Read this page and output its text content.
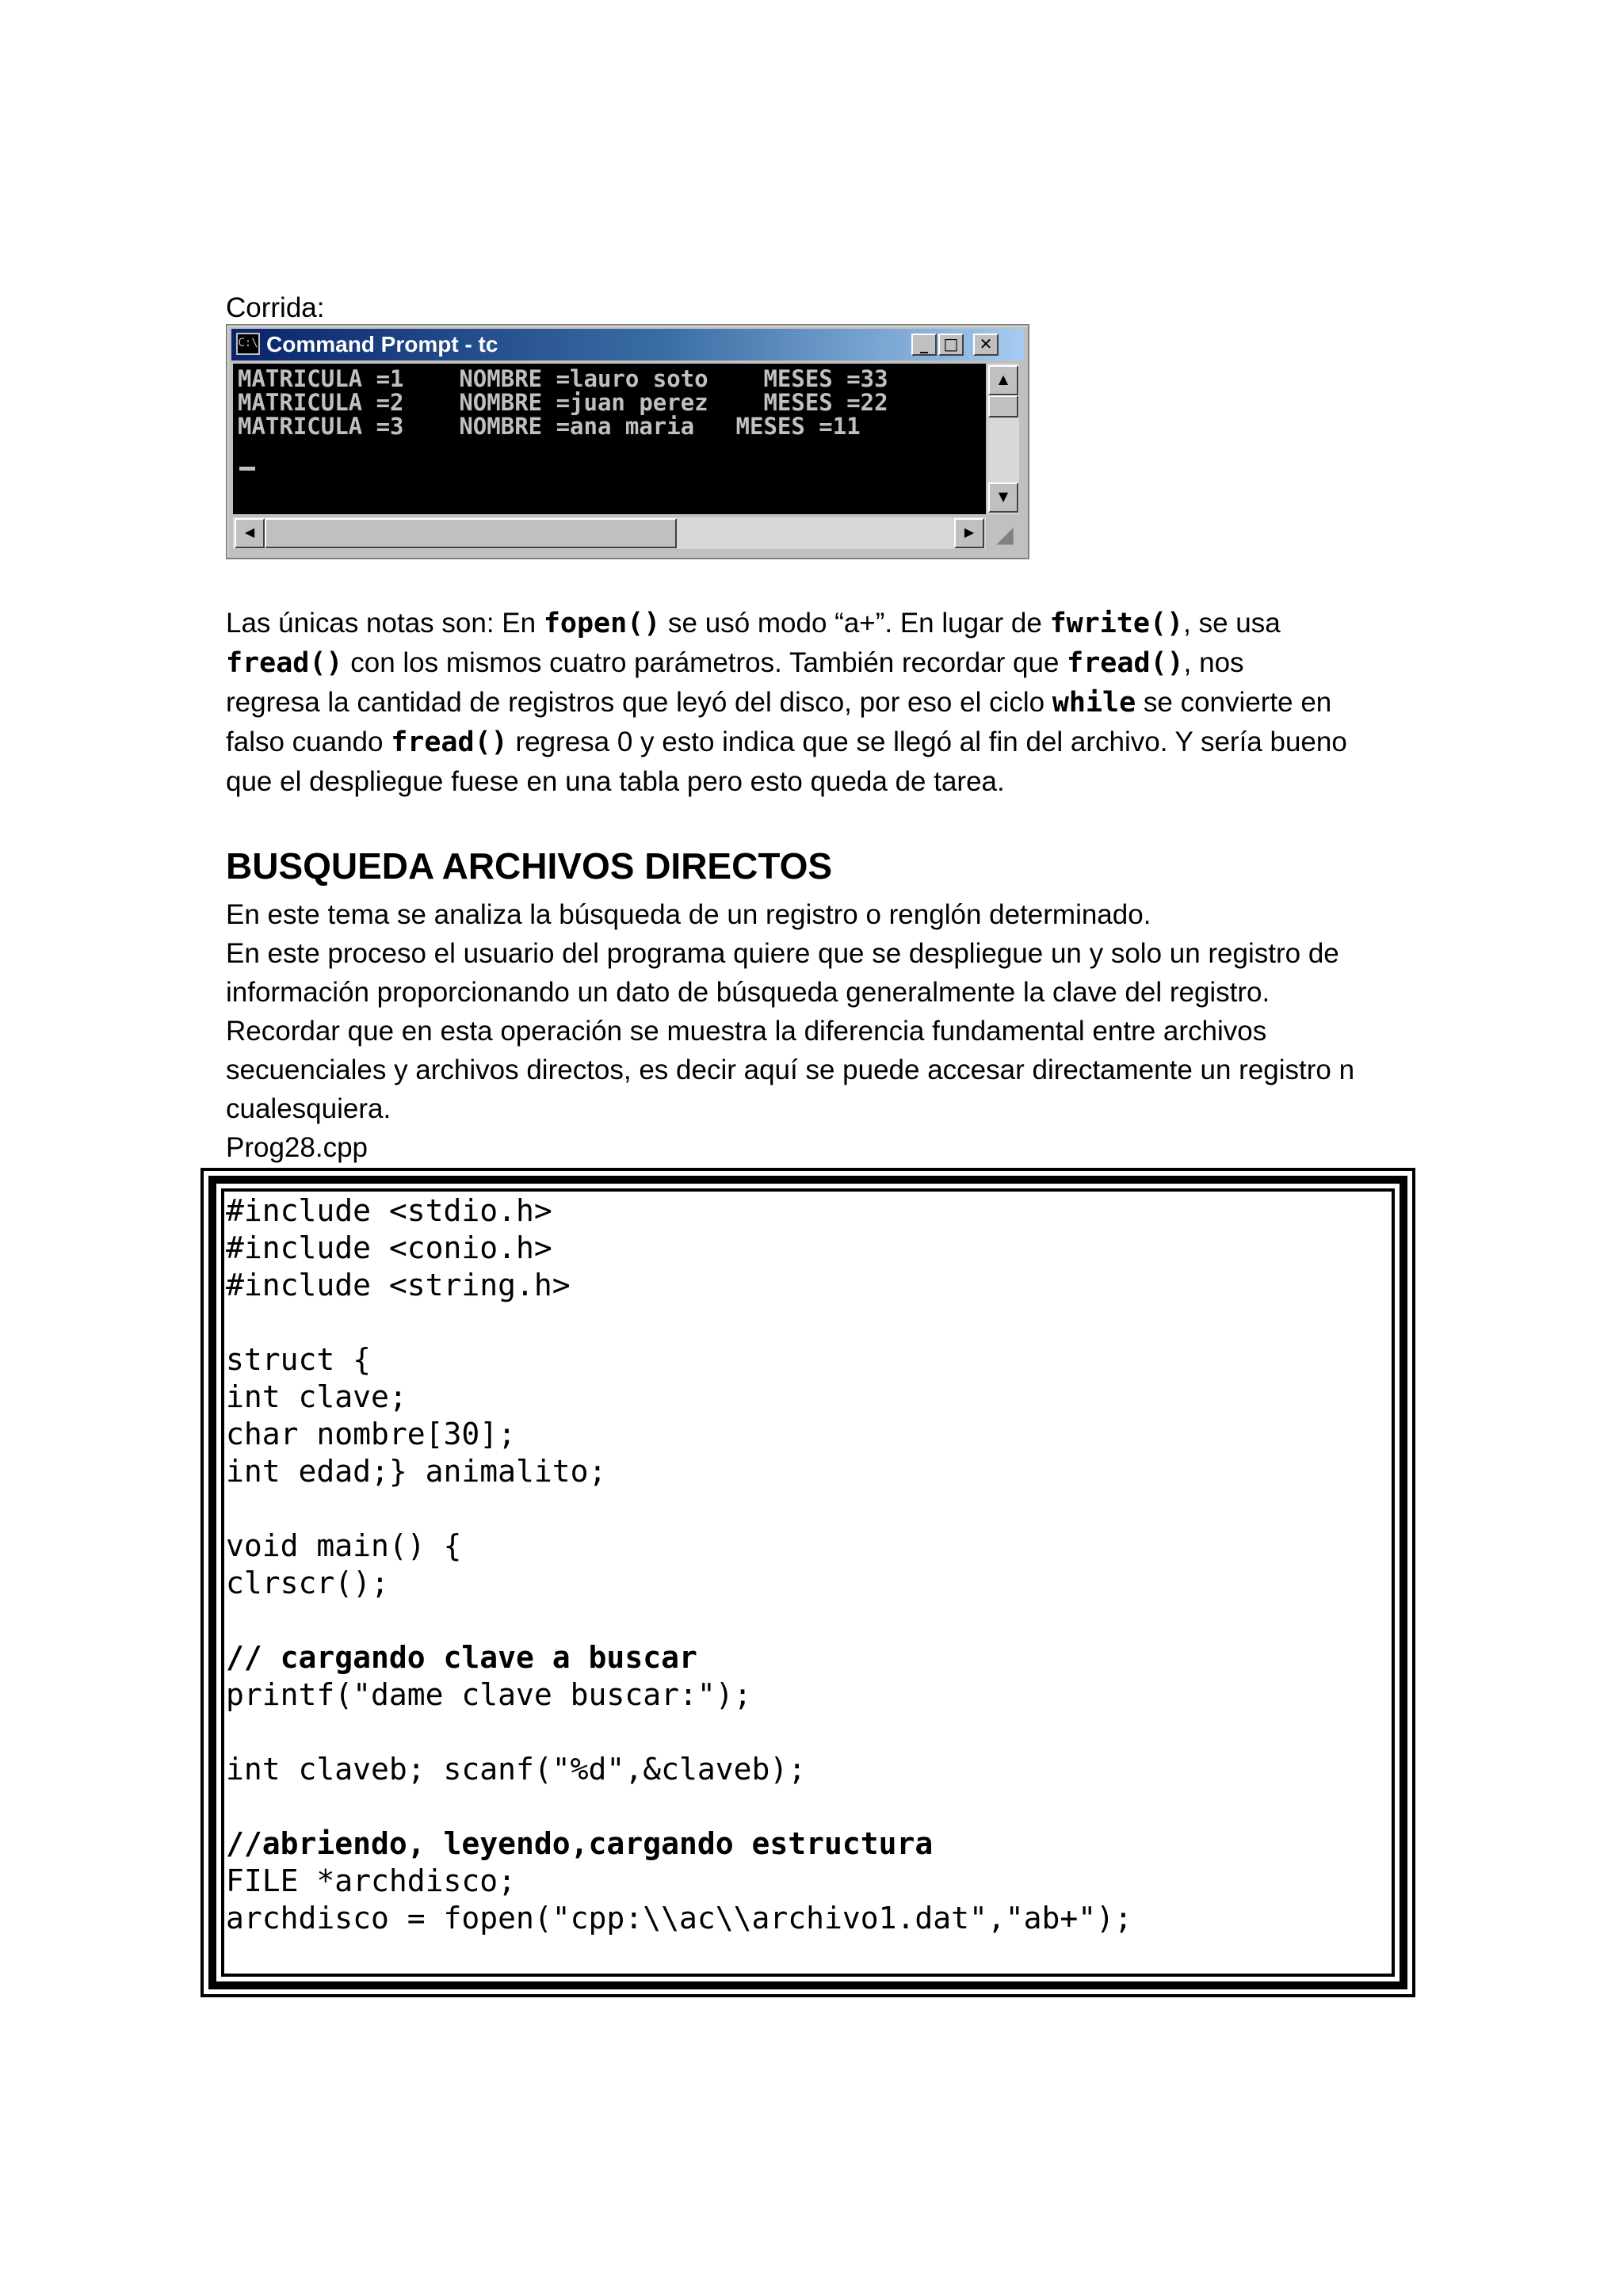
Corrida:

C:\ Command Prompt - tc	_ □	✕
MATRICULA =1    NOMBRE =lauro soto    MESES =33
MATRICULA =2    NOMBRE =juan perez    MESES =22
MATRICULA =3    NOMBRE =ana maria   MESES =11
▲
▼
◀	▶	◢

Las únicas notas son: En fopen() se usó modo “a+”. En lugar de fwrite(), se usa

fread() con los mismos cuatro parámetros. También recordar que fread(), nos

regresa la cantidad de registros que leyó del disco, por eso el ciclo while se convierte en

falso cuando fread() regresa 0 y esto indica que se llegó al fin del archivo. Y sería bueno

que el despliegue fuese en una tabla pero esto queda de tarea.

BUSQUEDA ARCHIVOS DIRECTOS

En este tema se analiza la búsqueda de un registro o renglón determinado.

En este proceso el usuario del programa quiere que se despliegue un y solo un registro de

información proporcionando un dato de búsqueda generalmente la clave del registro.

Recordar que en esta operación se muestra la diferencia fundamental entre archivos

secuenciales y archivos directos, es decir aquí se puede accesar directamente un registro n

cualesquiera.

Prog28.cpp

#include <stdio.h>
#include <conio.h>
#include <string.h>
struct {
int clave;
char nombre[30];
int edad;} animalito;
void main() {
clrscr();
// cargando clave a buscar
printf("dame clave buscar:");
int claveb; scanf("%d",&claveb);
//abriendo, leyendo,cargando estructura
FILE *archdisco;
archdisco = fopen("cpp:\\ac\\archivo1.dat","ab+");
